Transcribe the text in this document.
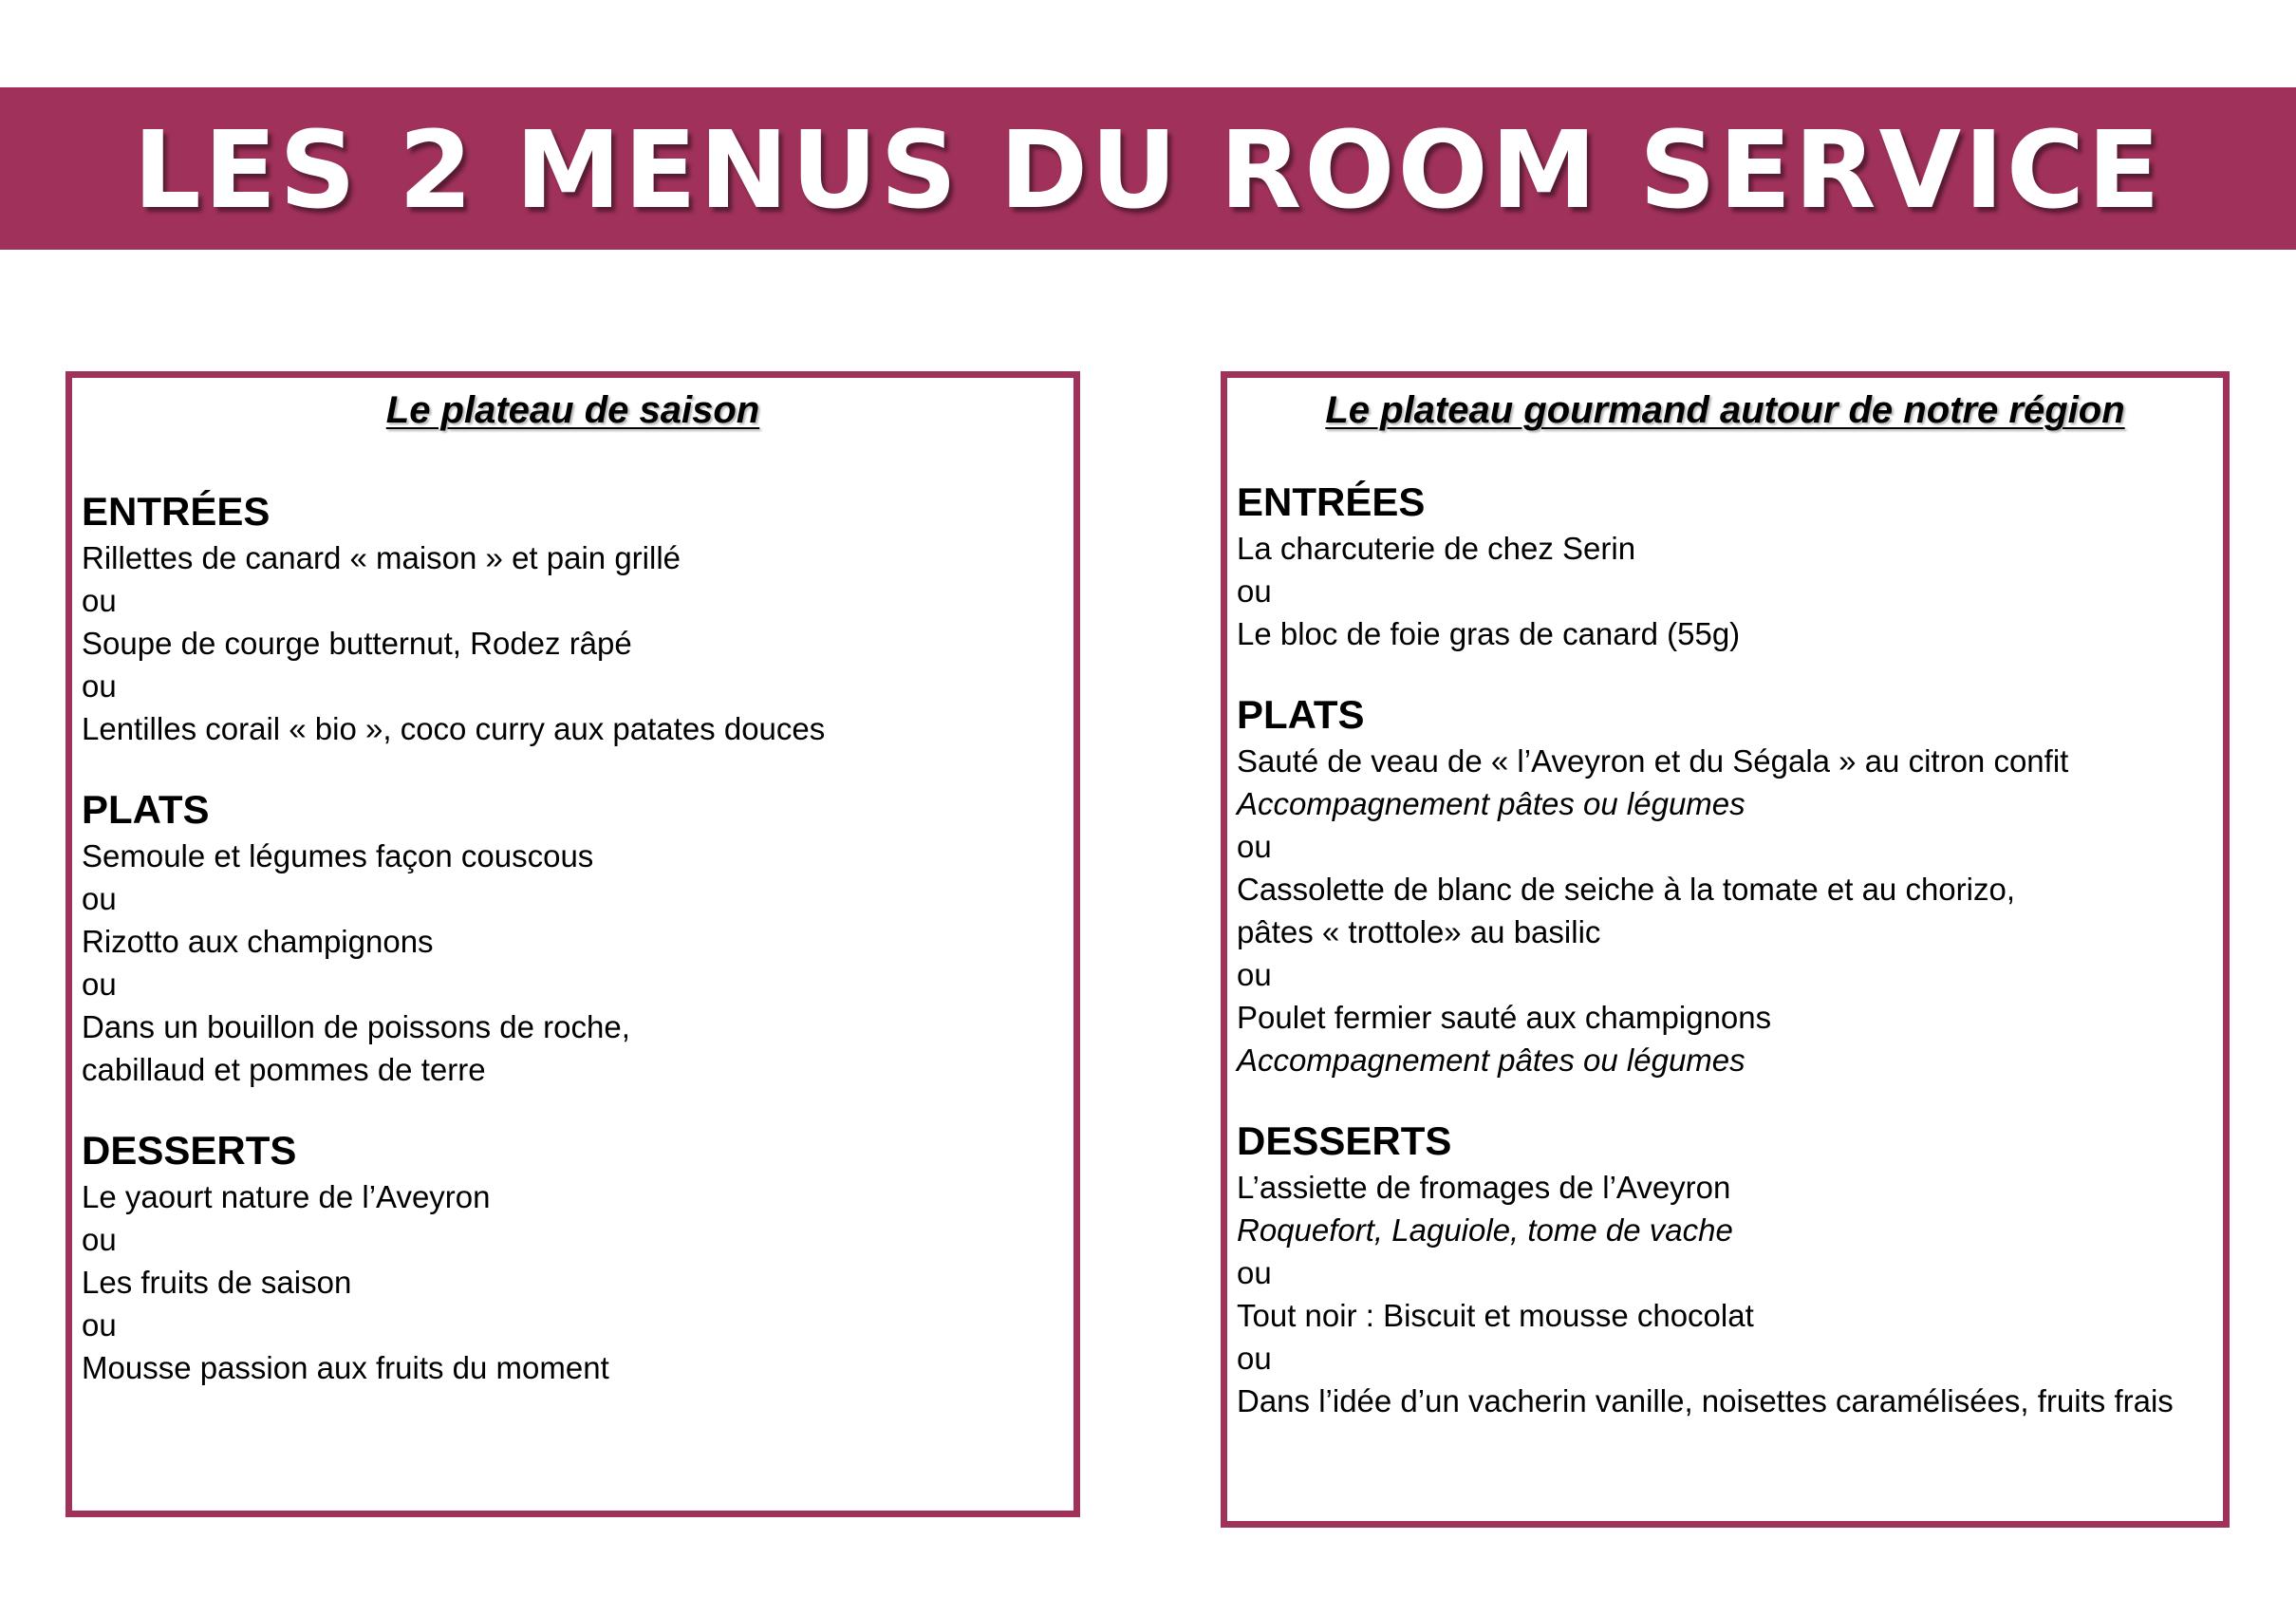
LES 2 MENUS DU ROOM SERVICE
Le plateau de saison
ENTRÉES
Rillettes de canard « maison » et pain grillé
ou
Soupe de courge butternut, Rodez râpé
ou
Lentilles corail « bio », coco curry aux patates douces
PLATS
Semoule et légumes façon couscous
ou
Rizotto aux champignons
ou
Dans un bouillon de poissons de roche,
cabillaud et pommes de terre
DESSERTS
Le yaourt nature de l’Aveyron
ou
Les fruits de saison
ou
Mousse passion aux fruits du moment
Le plateau gourmand autour de notre région
ENTRÉES
La charcuterie de chez Serin
ou
Le bloc de foie gras de canard (55g)
PLATS
Sauté de veau de « l’Aveyron et du Ségala » au citron confit
Accompagnement pâtes ou légumes
ou
Cassolette de blanc de seiche à la tomate et au chorizo,
pâtes « trottole» au basilic
ou
Poulet fermier sauté aux champignons
Accompagnement pâtes ou légumes
DESSERTS
L’assiette de fromages de l’Aveyron
Roquefort, Laguiole, tome de vache
ou
Tout noir : Biscuit et mousse chocolat
ou
Dans l’idée d’un vacherin vanille, noisettes caramélisées, fruits frais
